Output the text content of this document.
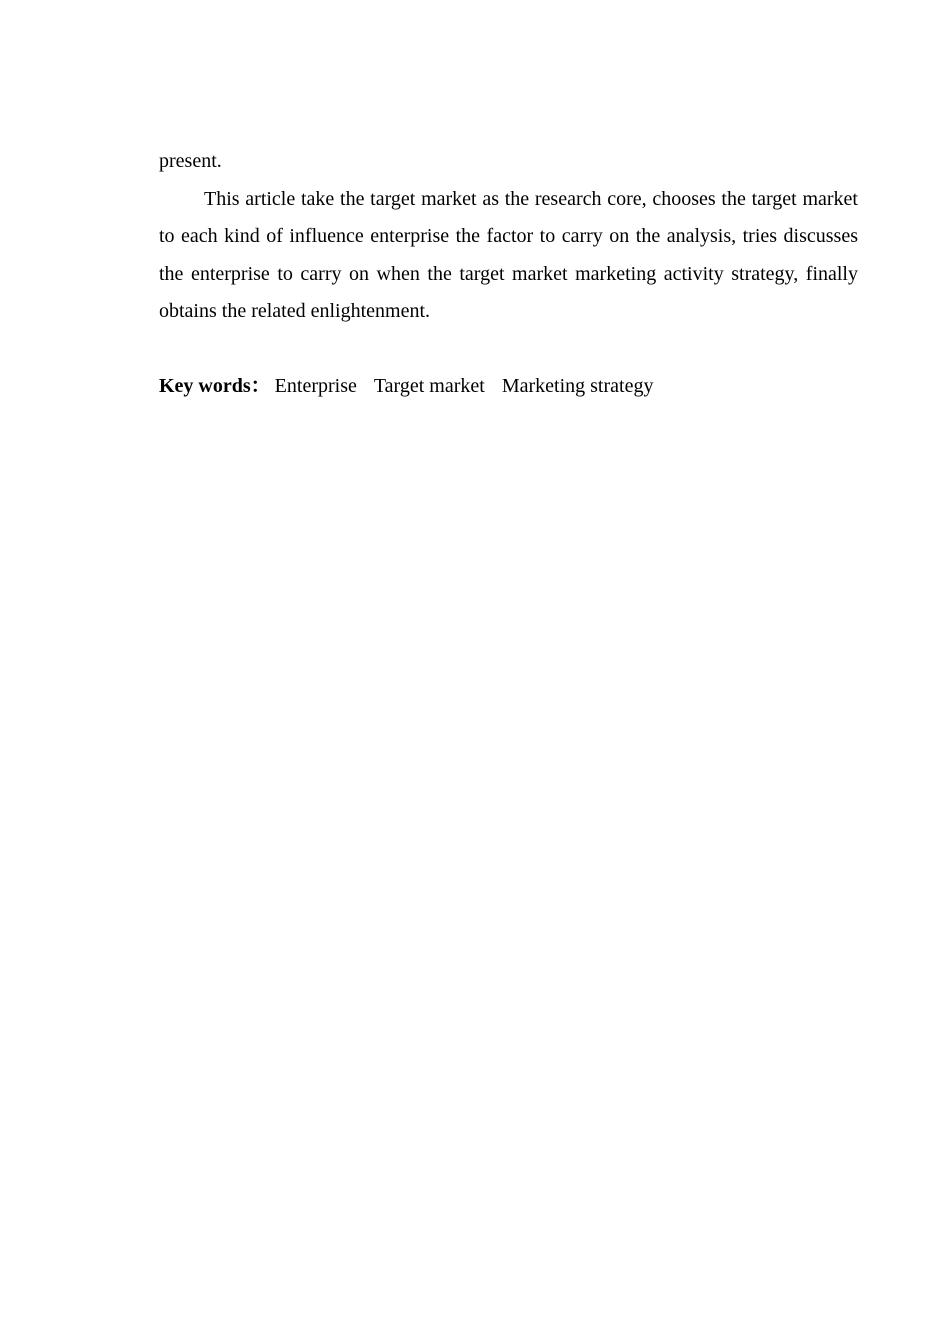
present.

This article take the target market as the research core, chooses the target market to each kind of influence enterprise the factor to carry on the analysis, tries discusses the enterprise to carry on when the target market marketing activity strategy, finally obtains the related enlightenment.

Key words： Enterprise Target market Marketing strategy
